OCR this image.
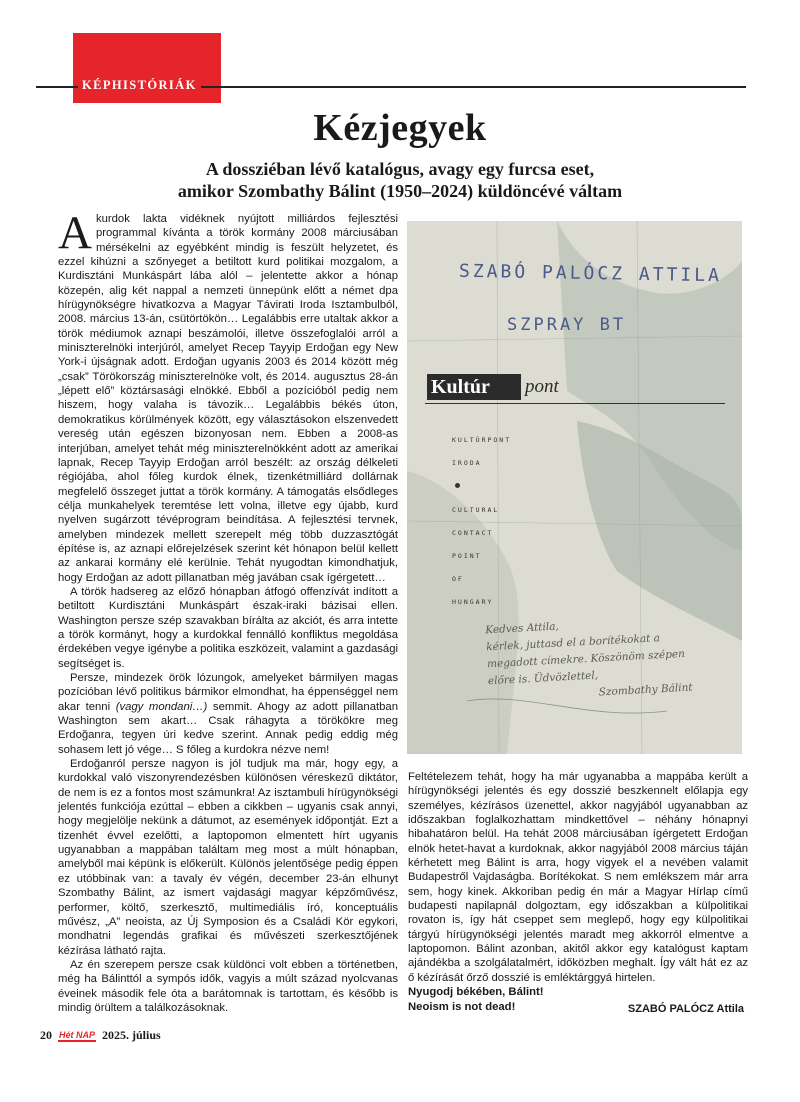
KÉPHISTÓRIÁK
Kézjegyek
A dossziéban lévő katalógus, avagy egy furcsa eset,
amikor Szombathy Bálint (1950–2024) küldöncévé váltam

Akurdok lakta vidéknek nyújtott milliárdos fejlesztési programmal kívánta a török kormány 2008 márciusában mérsékelni az egyébként mindig is feszült helyzetet, és ezzel kihúzni a szőnyeget a betiltott kurd politikai mozgalom, a Kurdisztáni Munkáspárt lába alól – jelentette akkor a hónap közepén, alig két nappal a nemzeti ünnepünk előtt a német dpa hírügynökségre hivatkozva a Magyar Távirati Iroda Isztambulból, 2008. március 13-án, csütörtökön… Legalábbis erre utaltak akkor a török médiumok aznapi beszámolói, illetve összefoglalói arról a miniszterelnöki interjúról, amelyet Recep Tayyip Erdoğan egy New York-i újságnak adott. Erdoğan ugyanis 2003 és 2014 között még „csak” Törökország miniszterelnöke volt, és 2014. augusztus 28-án „lépett elő” köztársasági elnökké. Ebből a pozícióból pedig nem hiszem, hogy valaha is távozik… Legalábbis békés úton, demokratikus körülmények között, egy választásokon elszenvedett vereség után egészen bizonyosan nem. Ebben a 2008-as interjúban, amelyet tehát még miniszterelnökként adott az amerikai lapnak, Recep Tayyip Erdoğan arról beszélt: az ország délkeleti régiójába, ahol főleg kurdok élnek, tizenkétmilliárd dollárnak megfelelő összeget juttat a török kormány. A támogatás elsődleges célja munkahelyek teremtése lett volna, illetve egy újabb, kurd nyelven sugárzott tévéprogram beindítása. A fejlesztési tervnek, amelyben mindezek mellett szerepelt még több duzzasztógát építése is, az aznapi előrejelzések szerint két hónapon belül kellett az ankarai kormány elé kerülnie. Tehát nyugodtan kimondhatjuk, hogy Erdoğan az adott pillanatban még javában csak ígérgetett…

A török hadsereg az előző hónapban átfogó offenzívát indított a betiltott Kurdisztáni Munkáspárt észak-iraki bázisai ellen. Washington persze szép szavakban bírálta az akciót, és arra intette a török kormányt, hogy a kurdokkal fennálló konfliktus megoldása érdekében vegye igénybe a politika eszközeit, valamint a gazdasági segítséget is.

Persze, mindezek örök lózungok, amelyeket bármilyen magas pozícióban lévő politikus bármikor elmondhat, ha éppenséggel nem akar tenni (vagy mondani…) semmit. Ahogy az adott pillanatban Washington sem akart… Csak ráhagyta a törökökre meg Erdoğanra, tegyen úri kedve szerint. Annak pedig eddig még sohasem lett jó vége… S főleg a kurdokra nézve nem!

Erdoğanról persze nagyon is jól tudjuk ma már, hogy egy, a kurdokkal való viszonyrendezésben különösen véreskezű diktátor, de nem is ez a fontos most számunkra! Az isztambuli hírügynökségi jelentés funkciója ezúttal – ebben a cikkben – ugyanis csak annyi, hogy megjelölje nekünk a dátumot, az események időpontját. Ezt a tizenhét évvel ezelőtti, a laptopomon elmentett hírt ugyanis ugyanabban a mappában találtam meg most a múlt hónapban, amelyből mai képünk is előkerült. Különös jelentősége pedig éppen ez utóbbinak van: a tavaly év végén, december 23-án elhunyt Szombathy Bálint, az ismert vajdasági magyar képzőművész, performer, költő, szerkesztő, multimediális író, konceptuális művész, „A” neoista, az Új Symposion és a Családi Kör egykori, mondhatni legendás grafikai és művészeti szerkesztőjének kézírása látható rajta.

Az én szerepem persze csak küldönci volt ebben a történetben, még ha Bálinttól a sympós idők, vagyis a múlt század nyolcvanas éveinek második fele óta a barátomnak is tartottam, és később is mindig örültem a találkozásoknak.

SZABÓ PALÓCZ ATTILA
SZPRAY BT
Kultúr	pont
KULTÚRPONT
IRODA
CULTURAL
CONTACT
POINT
OF
HUNGARY
Kedves Attila,
kérlek, juttasd el a borítékokat a
megadott címekre. Köszönöm szépen
előre is. Üdvözlettel,
Szombathy Bálint

Feltételezem tehát, hogy ha már ugyanabba a mappába került a hírügynökségi jelentés és egy dosszié beszkennelt előlapja egy személyes, kézírásos üzenettel, akkor nagyjából ugyanabban az időszakban foglalkozhattam mindkettővel – néhány hónapnyi hibahatáron belül. Ha tehát 2008 márciusában ígérgetett Erdoğan elnök hetet-havat a kurdoknak, akkor nagyjából 2008 március táján kérhetett meg Bálint is arra, hogy vigyek el a nevében valamit Budapestről Vajdaságba. Borítékokat. S nem emlékszem már arra sem, hogy kinek. Akkoriban pedig én már a Magyar Hírlap című budapesti napilapnál dolgoztam, egy időszakban a külpolitikai rovaton is, így hát cseppet sem meglepő, hogy egy külpolitikai tárgyú hírügynökségi jelentés maradt meg akkorról elmentve a laptopomon. Bálint azonban, akitől akkor egy katalógust kaptam ajándékba a szolgálatalmért, időközben meghalt. Így vált hát ez az ő kézírását őrző dosszié is emléktárggyá hirtelen.

Nyugodj békében, Bálint!

Neoism is not dead!	SZABÓ PALÓCZ Attila
20 Hét NAP 2025. július
